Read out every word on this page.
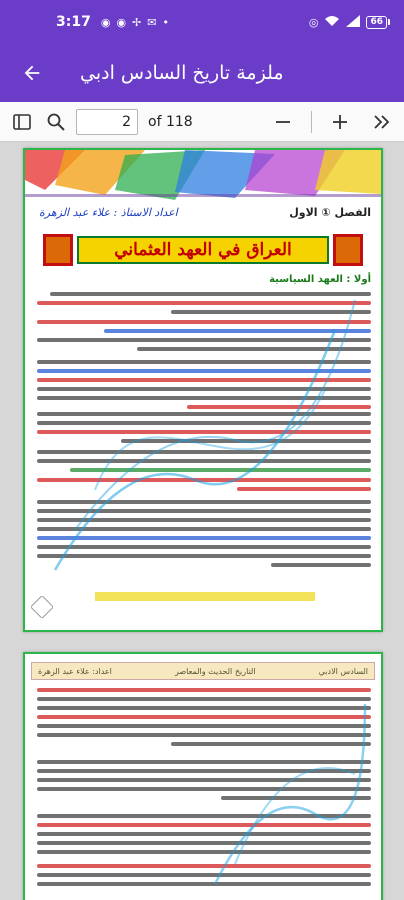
3:17 ◉ ◉ ✢ ✉ •	◎	66
ملزمة تاريخ السادس ادبي
2
of 118
اعداد الاستاذ : علاء عبد الزهرة	الفصل ① الاول
العراق في العهد العثماني
أولا : العهد السياسية
اعداد: علاء عبد الزهرة	التاريخ الحديث والمعاصر	السادس الادبي
